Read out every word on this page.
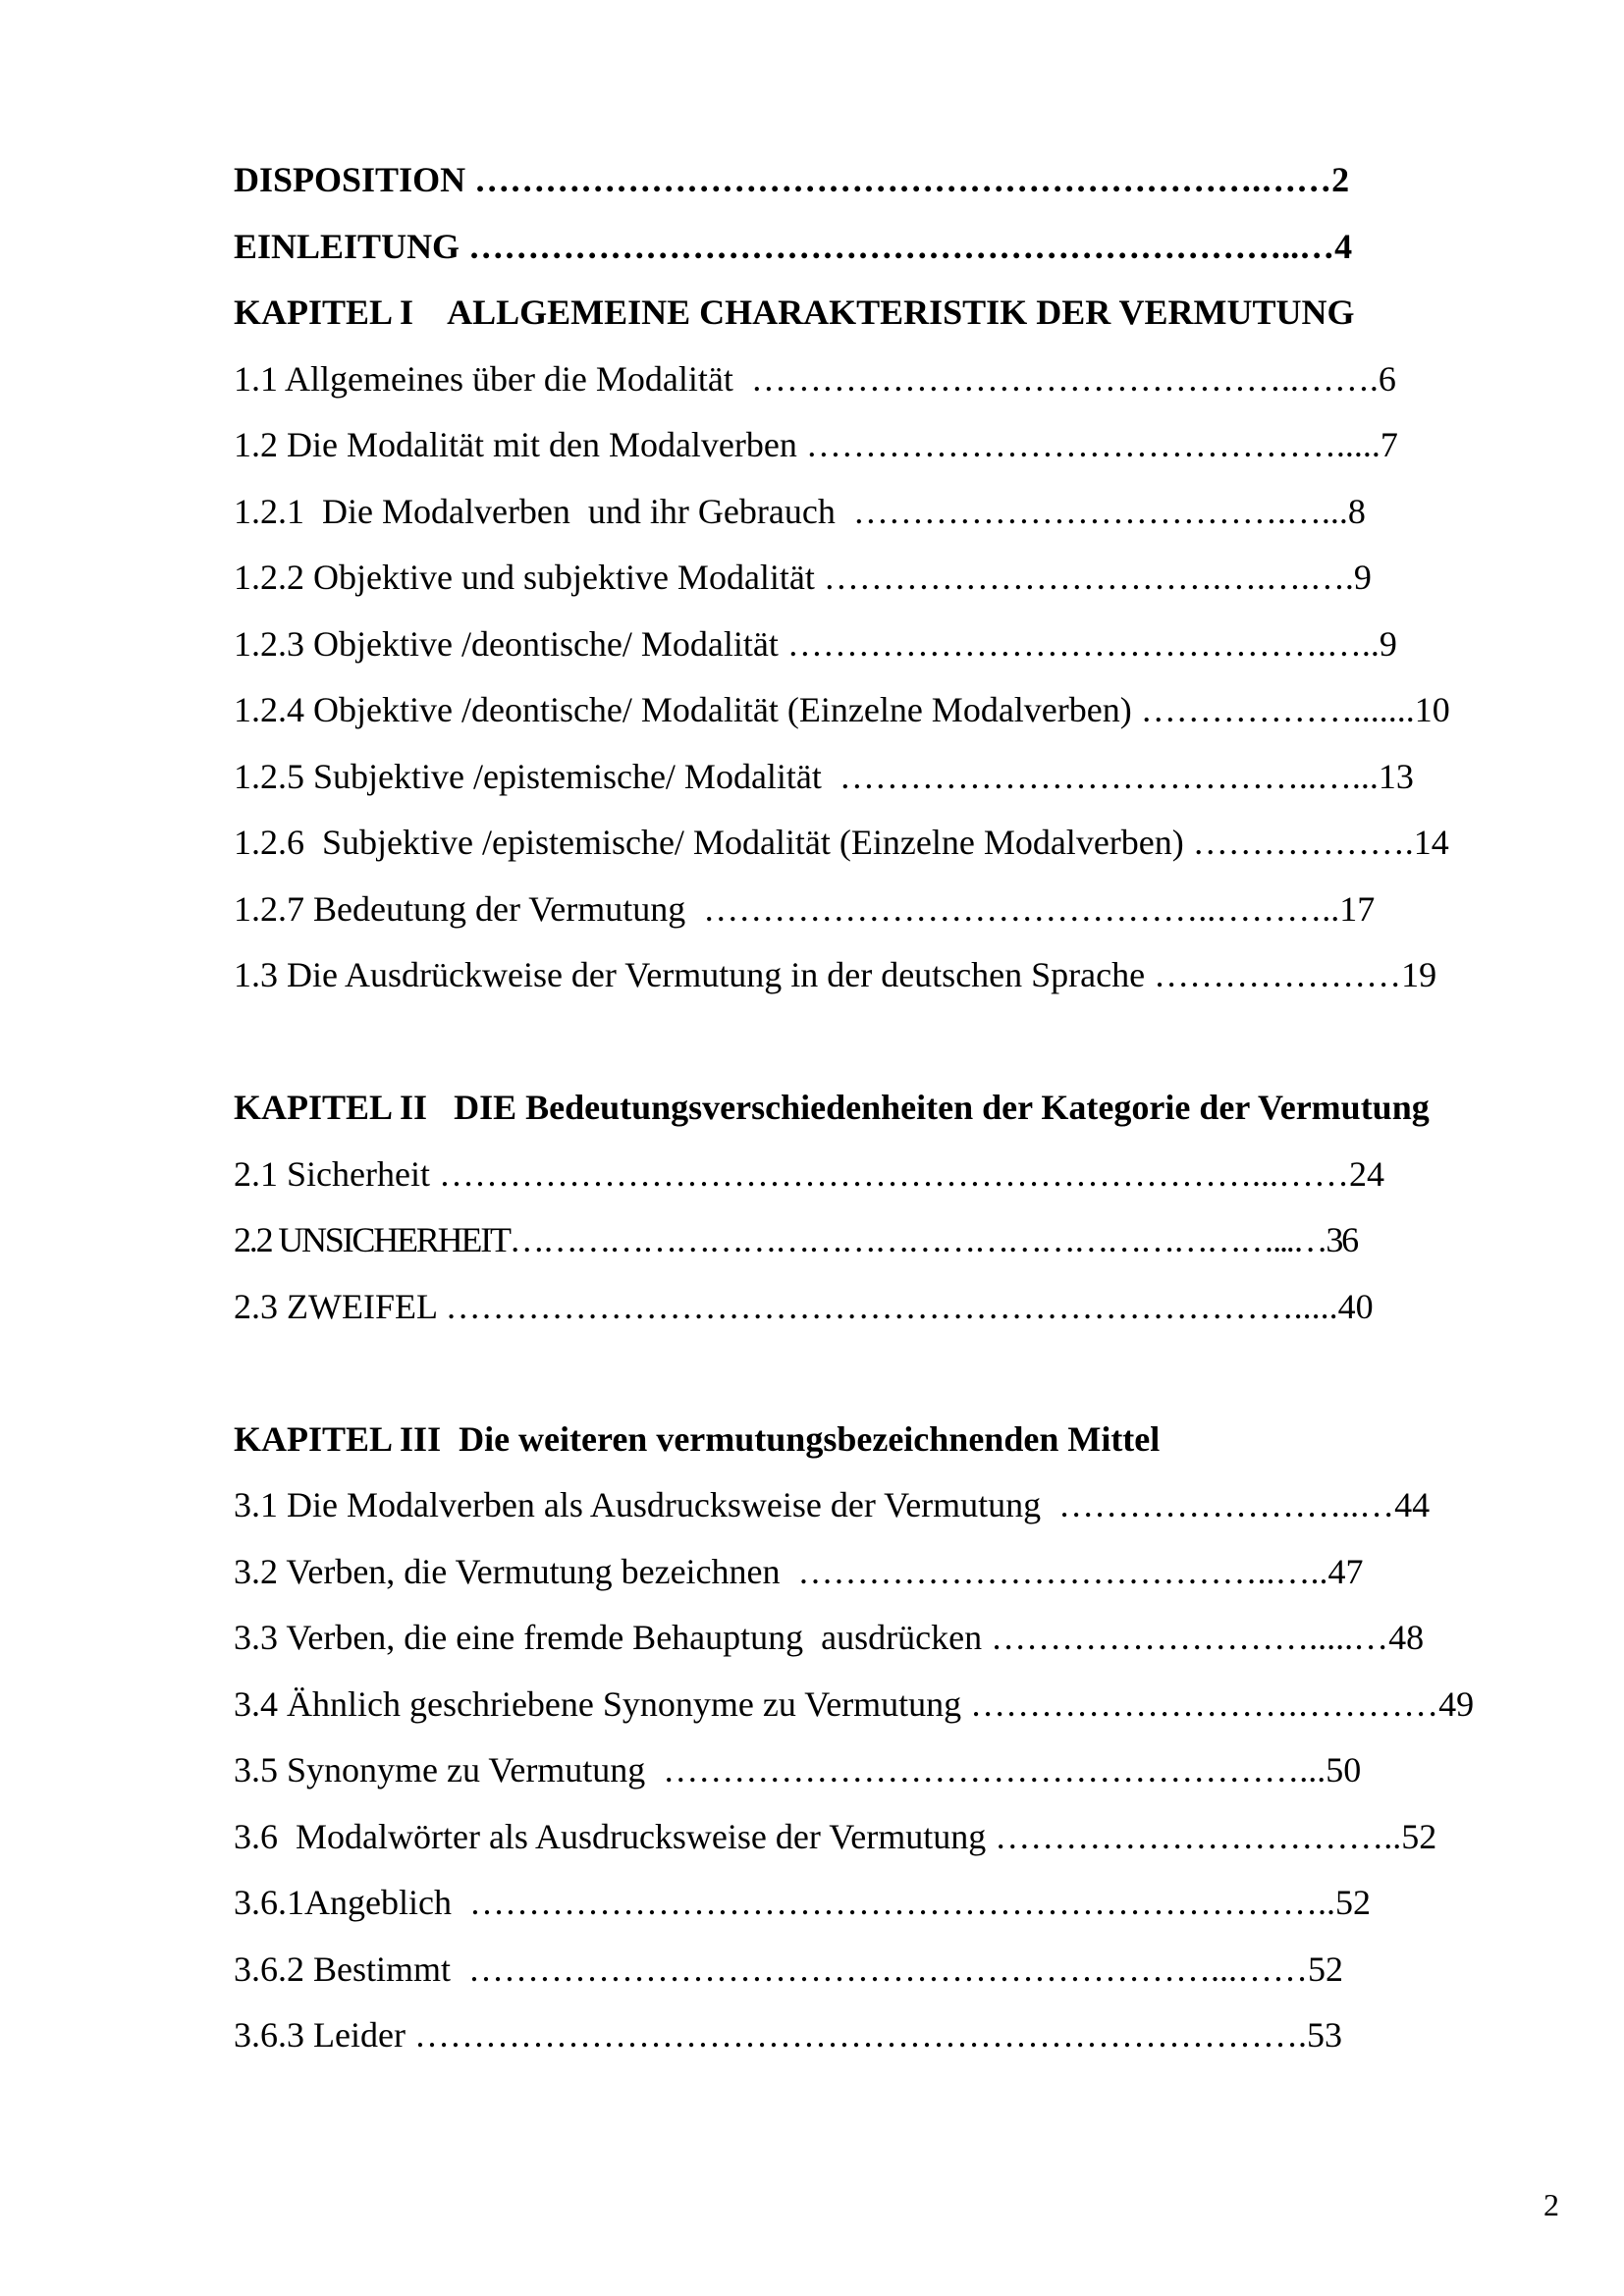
DISPOSITION ………………………………………………………….……2
EINLEITUNG ……………………………………………………………..…4
KAPITEL I    ALLGEMEINE CHARAKTERISTIK DER VERMUTUNG
1.1 Allgemeines über die Modalität  ………………………………………..…….6
1.2 Die Modalität mit den Modalverben ……………………………………….....7
1.2.1  Die Modalverben  und ihr Gebrauch  ……………………………….…...8
1.2.2 Objektive und subjektive Modalität …………………………….….….….9
1.2.3 Objektive /deontische/ Modalität ……………………………………….…..9
1.2.4 Objektive /deontische/ Modalität (Einzelne Modalverben) ……………….......10
1.2.5 Subjektive /epistemische/ Modalität  …………………………………..…...13
1.2.6  Subjektive /epistemische/ Modalität (Einzelne Modalverben) ……………….14
1.2.7 Bedeutung der Vermutung  ……………………………………..………..17
1.3 Die Ausdrückweise der Vermutung in der deutschen Sprache …………………19
KAPITEL II   DIE Bedeutungsverschiedenheiten der Kategorie der Vermutung
2.1 Sicherheit ……………………………………………………………...……24
2.2 UNSICHERHEIT……………………………………………………………...…36
2.3 ZWEIFEL ……………………………………………………………….....40
KAPITEL III  Die weiteren vermutungsbezeichnenden Mittel
3.1 Die Modalverben als Ausdrucksweise der Vermutung  ……………………..…44
3.2 Verben, die Vermutung bezeichnen  …………………………………..…..47
3.3 Verben, die eine fremde Behauptung  ausdrücken ……………………….....…48
3.4 Ähnlich geschriebene Synonyme zu Vermutung ……………………….…………49
3.5 Synonyme zu Vermutung  ………………………………………………...50
3.6  Modalwörter als Ausdrucksweise der Vermutung ……………………………..52
3.6.1Angeblich  ………………………………………………………………..52
3.6.2 Bestimmt  ………………………………………………………...……52
3.6.3 Leider ………………………………………………………………….53
2
